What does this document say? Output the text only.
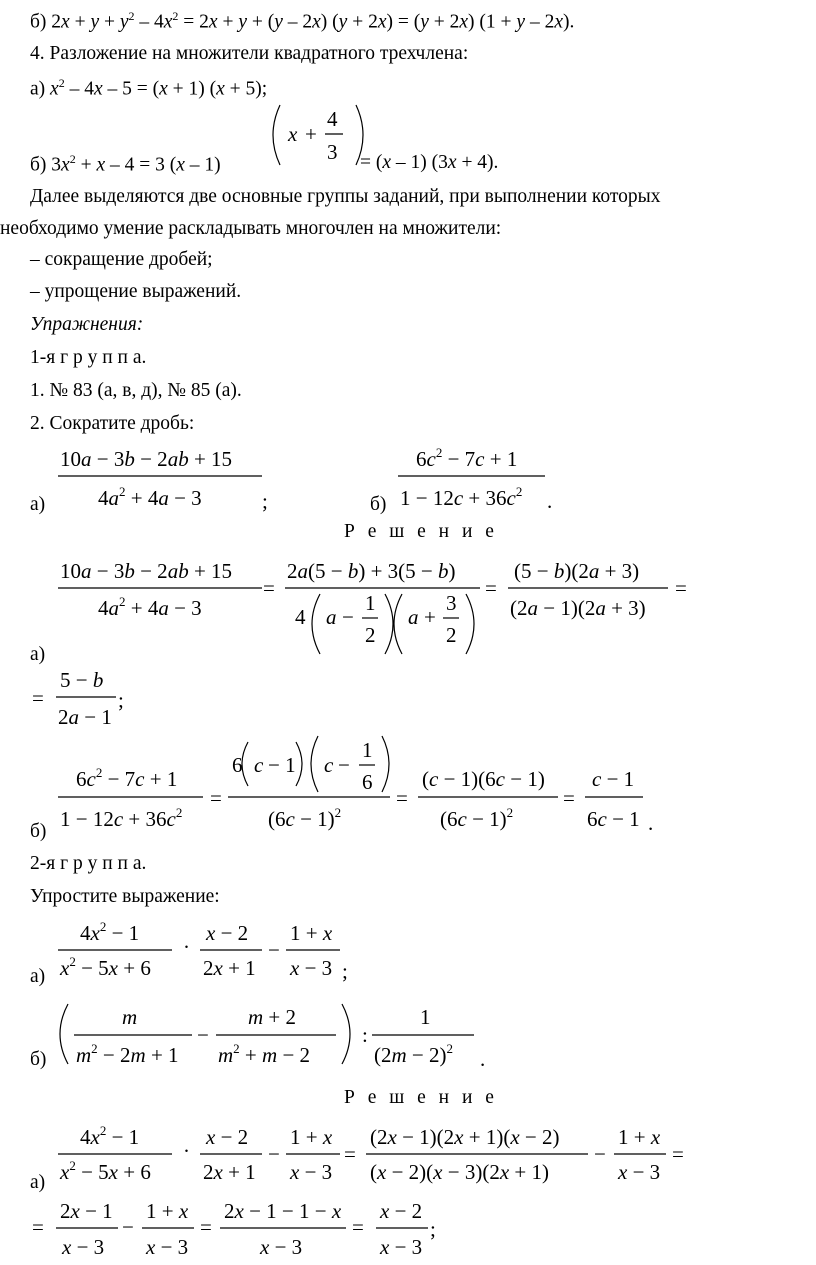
б) $2x + y + y^2 - 4x^2 = 2x + y + (y - 2x) (y + 2x) = (y + 2x) (1 + y - 2x)$.
4. Разложение на множители квадратного трехчлена:
а) $x^2 - 4x - 5 = (x + 1) (x + 5)$;
б) $3x^2 + x - 4 = 3$ (x – 1)	= (x – 1) (3x + 4).
Далее выделяются две основные группы заданий, при выполнении которых
необходимо умение раскладывать многочлен на множители:
– сокращение дробей;
– упрощение выражений.
Упражнения:
1-я г р у п п а.
1. № 83 (а, в, д), № 85 (а).
2. Сократите дробь:
а)	б)
Р е ш е н и е
а)
б)
2-я г р у п п а.
Упростите выражение:
а)
б)
Р е ш е н и е
а)
x +
4
3
10a − 3b − 2ab + 15
$4a^2 + 4a - 3$	;
$6c^2 - 7c + 1$
$1 - 12c + 36c^2$ .
10a − 3b − 2ab + 15
$4a^2 + 4a - 3$
=
2a(5 − b) + 3(5 − b)
4 a −
1
2
a +
3
2
=
(5 − b)(2a + 3)
(2a − 1)(2a + 3)
=
=
5 − b
2a − 1
;
$6c^2 - 7c + 1$
$1 - 12c + 36c^2$
=
6 c − 1 c −
1
6
$(6c - 1)^2$
=
(c − 1)(6c − 1)
$(6c - 1)^2$
=
c − 1
6c − 1 .
$4x^2 - 1$
$x^2 - 5x + 6$
·
x − 2
2x + 1
−
1 + x
x − 3 ;
m
$m^2 - 2m + 1$
−
m + 2
$m^2 + m - 2$
:
1
$(2m - 2)^2$ .
$4x^2 - 1$
$x^2 - 5x + 6$
·
x − 2
2x + 1
−
1 + x
x − 3
=
(2x − 1)(2x + 1)(x − 2)
(x − 2)(x − 3)(2x + 1)
−
1 + x
x − 3
=
=
2x − 1
x − 3
−
1 + x
x − 3
=
2x − 1 − 1 − x
x − 3
=
x − 2
x − 3
;
